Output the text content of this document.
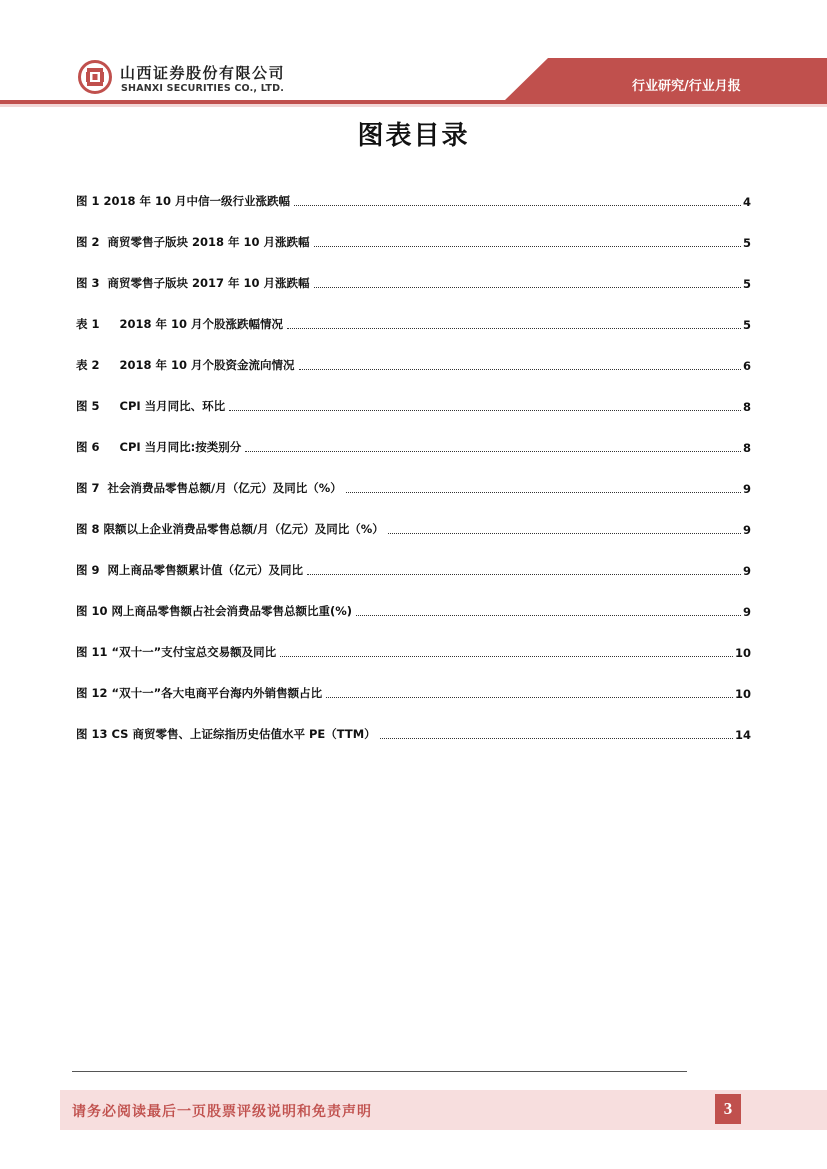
山西证券股份有限公司
SHANXI SECURITIES CO., LTD.	行业研究/行业月报
图表目录
图 1 2018 年 10 月中信一级行业涨跌幅	4
图 2  商贸零售子版块 2018 年 10 月涨跌幅	5
图 3  商贸零售子版块 2017 年 10 月涨跌幅	5
表 1     2018 年 10 月个股涨跌幅情况	5
表 2     2018 年 10 月个股资金流向情况	6
图 5     CPI 当月同比、环比	8
图 6     CPI 当月同比:按类别分	8
图 7  社会消费品零售总额/月（亿元）及同比（%）	9
图 8 限额以上企业消费品零售总额/月（亿元）及同比（%）	9
图 9  网上商品零售额累计值（亿元）及同比	9
图 10 网上商品零售额占社会消费品零售总额比重(%)	9
图 11 “双十一”支付宝总交易额及同比	10
图 12 “双十一”各大电商平台海内外销售额占比	10
图 13 CS 商贸零售、上证综指历史估值水平 PE（TTM）	14
请务必阅读最后一页股票评级说明和免责声明	3
